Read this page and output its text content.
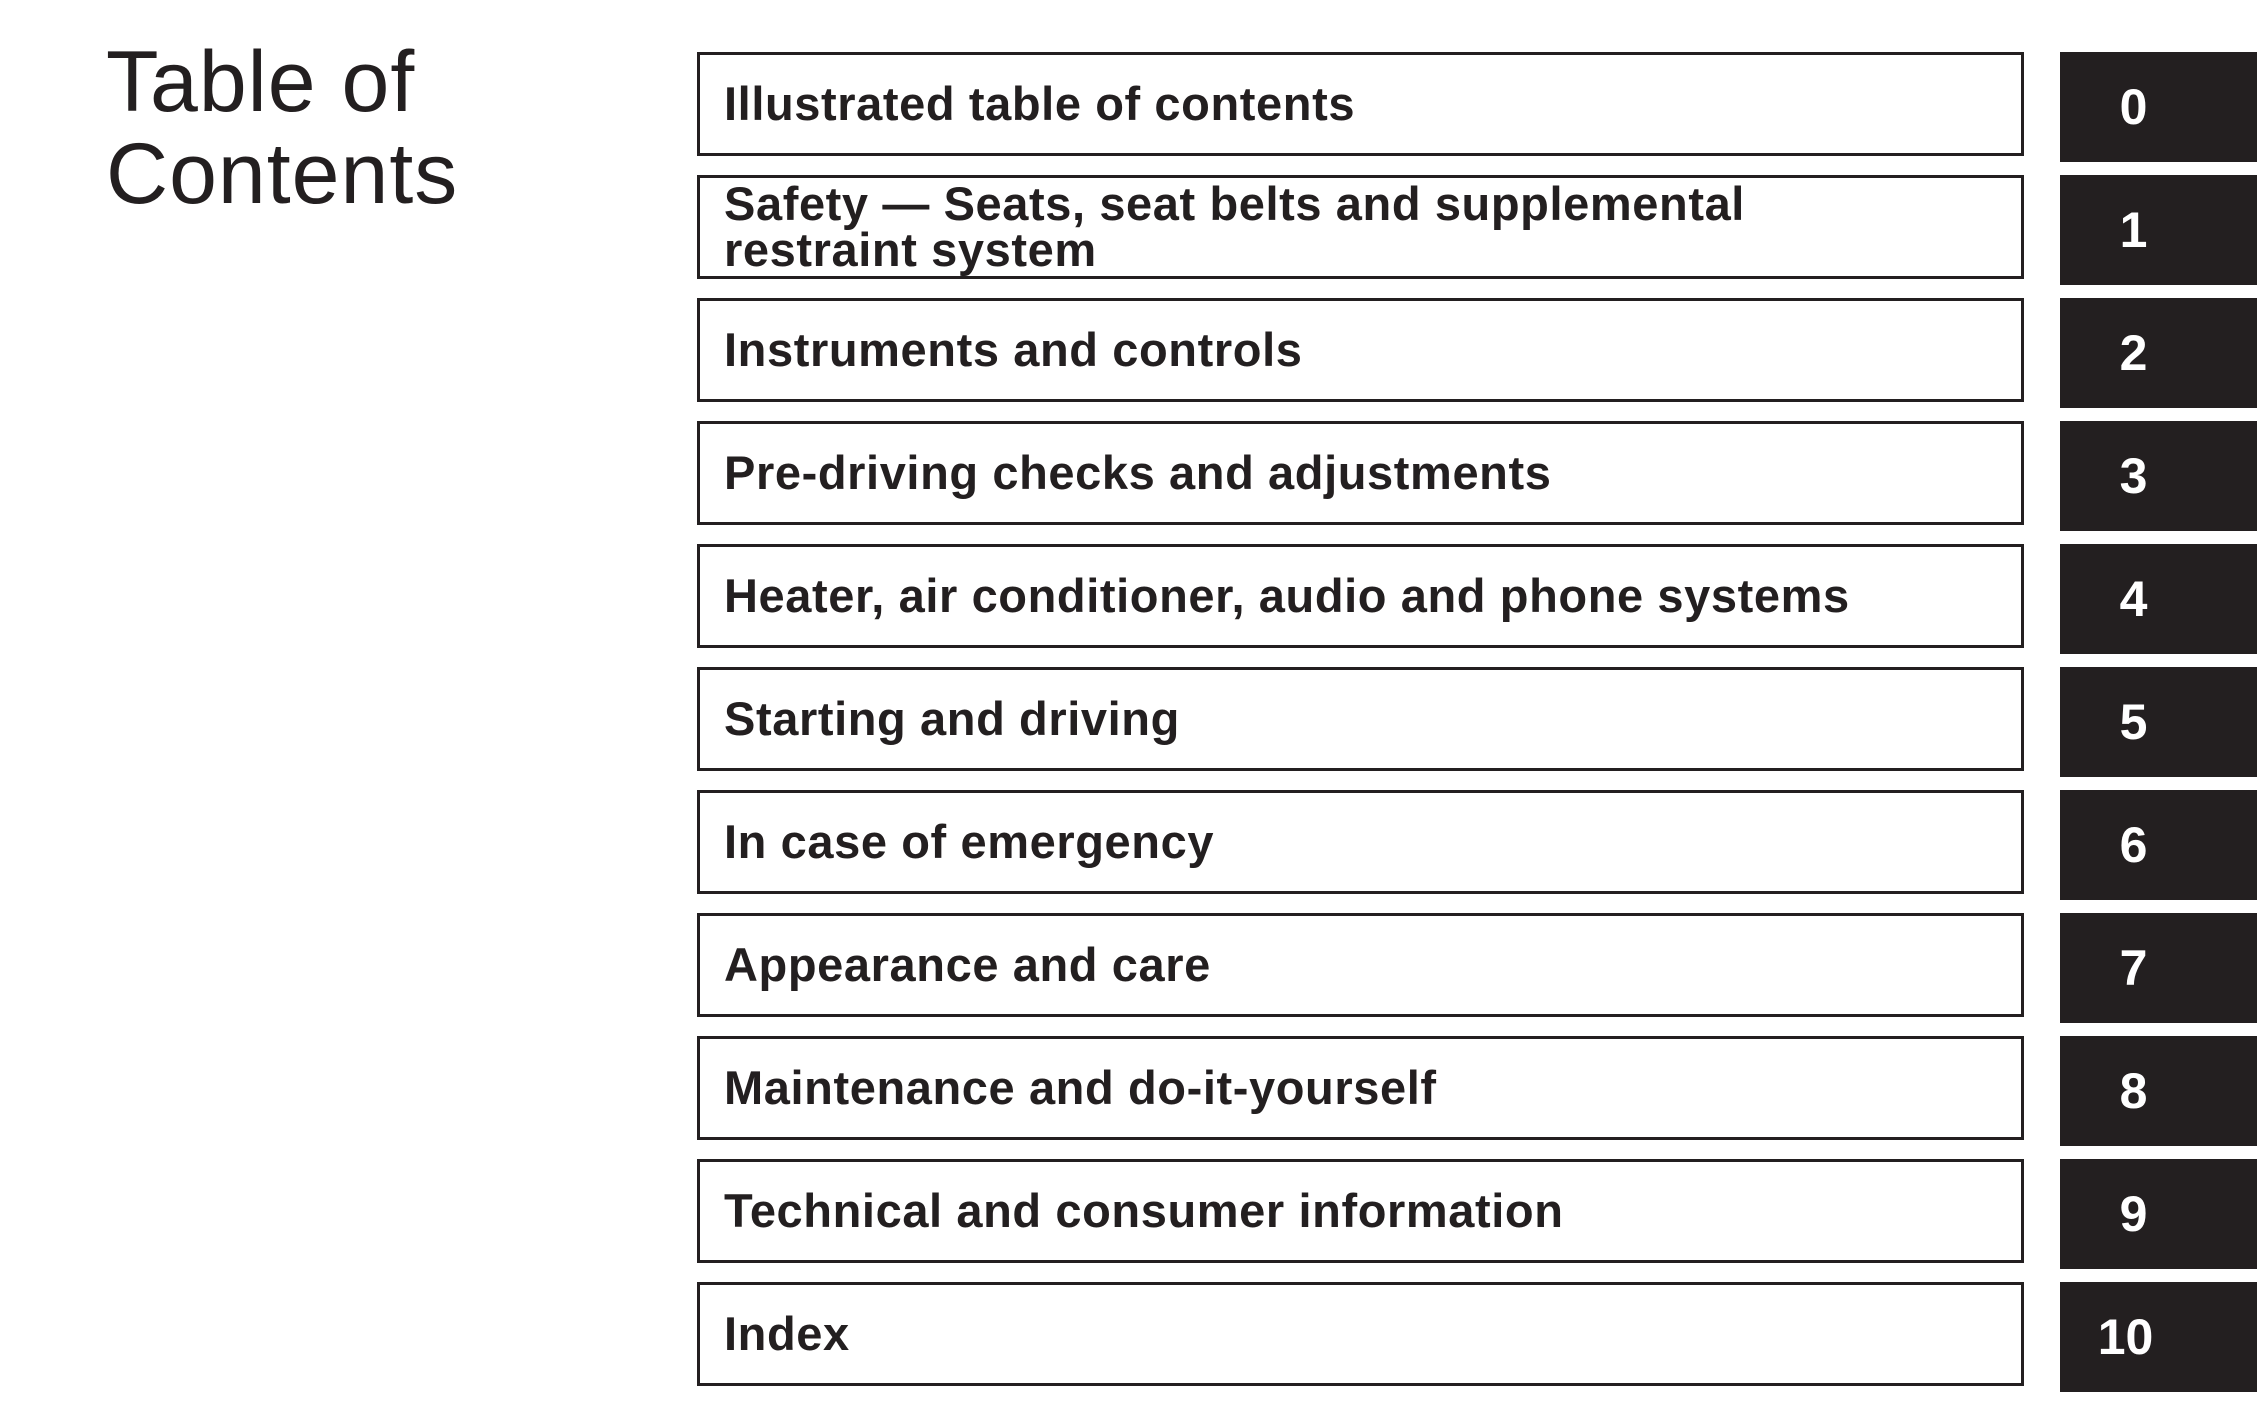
Table of
Contents
Illustrated table of contents	0
Safety — Seats, seat belts and supplemental restraint system	1
Instruments and controls	2
Pre-driving checks and adjustments	3
Heater, air conditioner, audio and phone systems	4
Starting and driving	5
In case of emergency	6
Appearance and care	7
Maintenance and do-it-yourself	8
Technical and consumer information	9
Index	10
